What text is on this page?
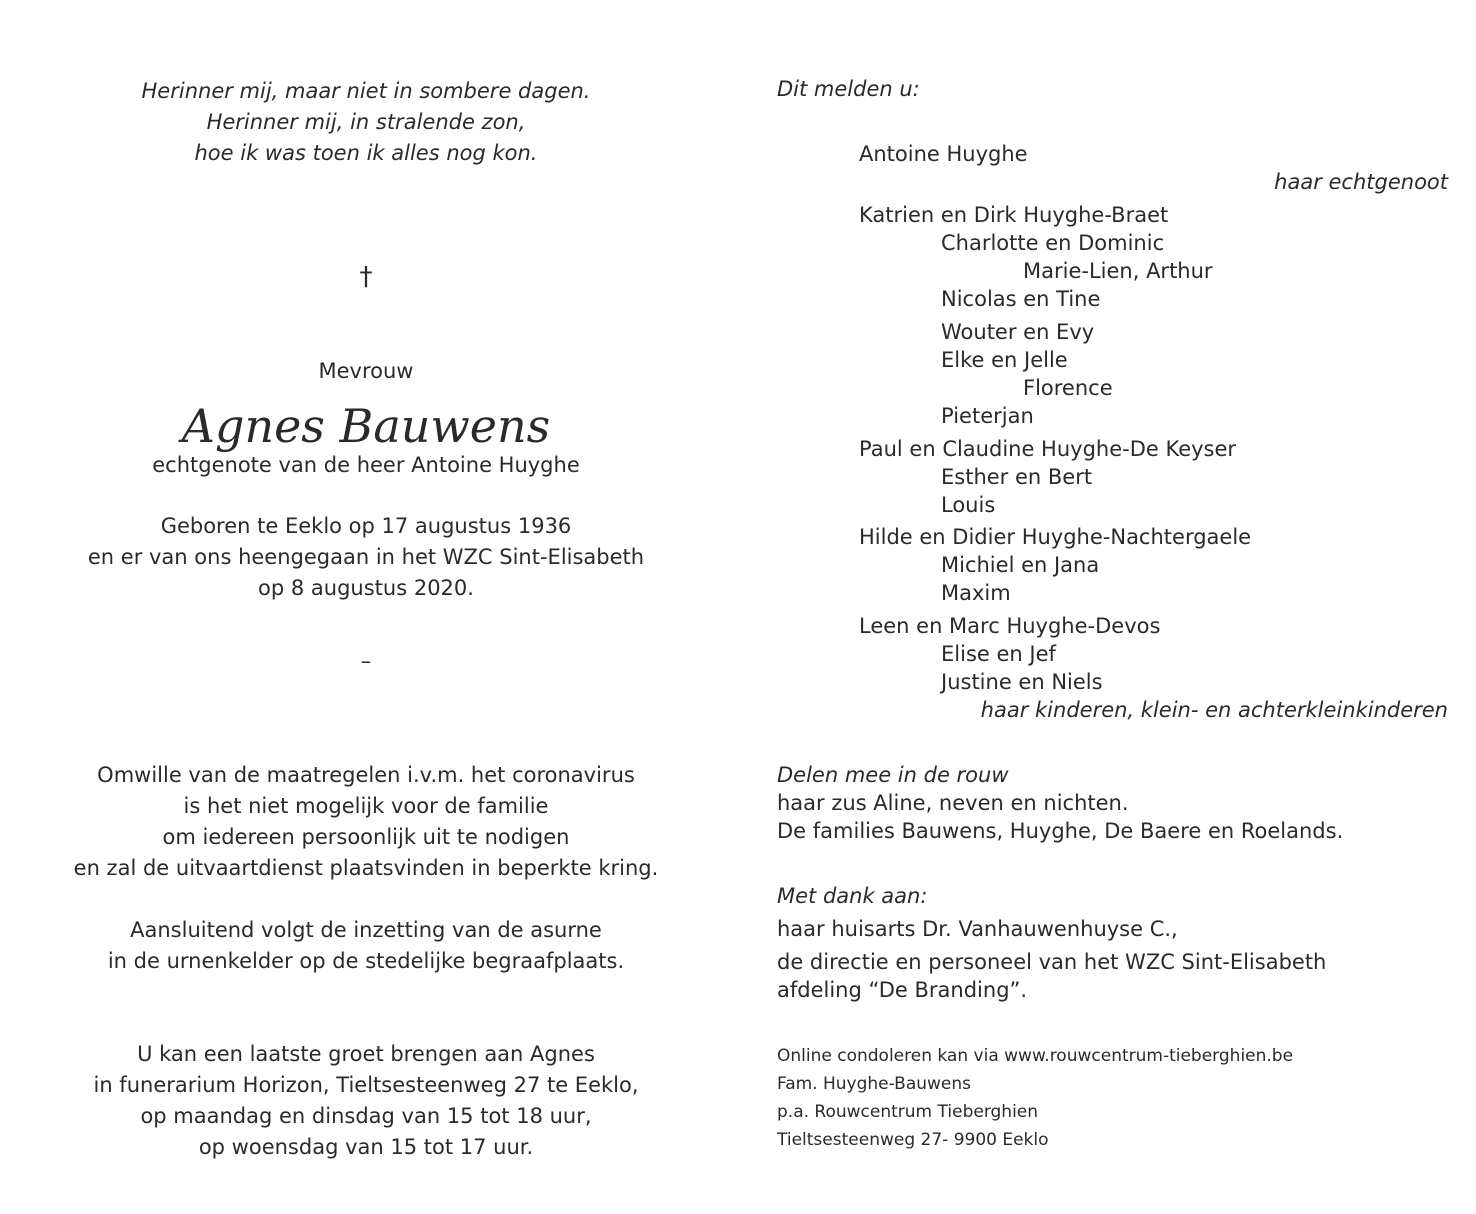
Herinner mij, maar niet in sombere dagen.
Herinner mij, in stralende zon,
hoe ik was toen ik alles nog kon.
†
Mevrouw
Agnes Bauwens
echtgenote van de heer Antoine Huyghe
Geboren te Eeklo op 17 augustus 1936
en er van ons heengegaan in het WZC Sint-Elisabeth
op 8 augustus 2020.
–
Omwille van de maatregelen i.v.m. het coronavirus
is het niet mogelijk voor de familie
om iedereen persoonlijk uit te nodigen
en zal de uitvaartdienst plaatsvinden in beperkte kring.
Aansluitend volgt de inzetting van de asurne
in de urnenkelder op de stedelijke begraafplaats.
U kan een laatste groet brengen aan Agnes
in funerarium Horizon, Tieltsesteenweg 27 te Eeklo,
op maandag en dinsdag van 15 tot 18 uur,
op woensdag van 15 tot 17 uur.
Dit melden u:
Antoine Huyghe
haar echtgenoot
Katrien en Dirk Huyghe-Braet
Charlotte en Dominic
Marie-Lien, Arthur
Nicolas en Tine
Wouter en Evy
Elke en Jelle
Florence
Pieterjan
Paul en Claudine Huyghe-De Keyser
Esther en Bert
Louis
Hilde en Didier Huyghe-Nachtergaele
Michiel en Jana
Maxim
Leen en Marc Huyghe-Devos
Elise en Jef
Justine en Niels
haar kinderen, klein- en achterkleinkinderen
Delen mee in de rouw
haar zus Aline, neven en nichten.
De families Bauwens, Huyghe, De Baere en Roelands.
Met dank aan:
haar huisarts Dr. Vanhauwenhuyse C.,
de directie en personeel van het WZC Sint-Elisabeth
afdeling “De Branding”.
Online condoleren kan via www.rouwcentrum-tieberghien.be
Fam. Huyghe-Bauwens
p.a. Rouwcentrum Tieberghien
Tieltsesteenweg 27- 9900 Eeklo
